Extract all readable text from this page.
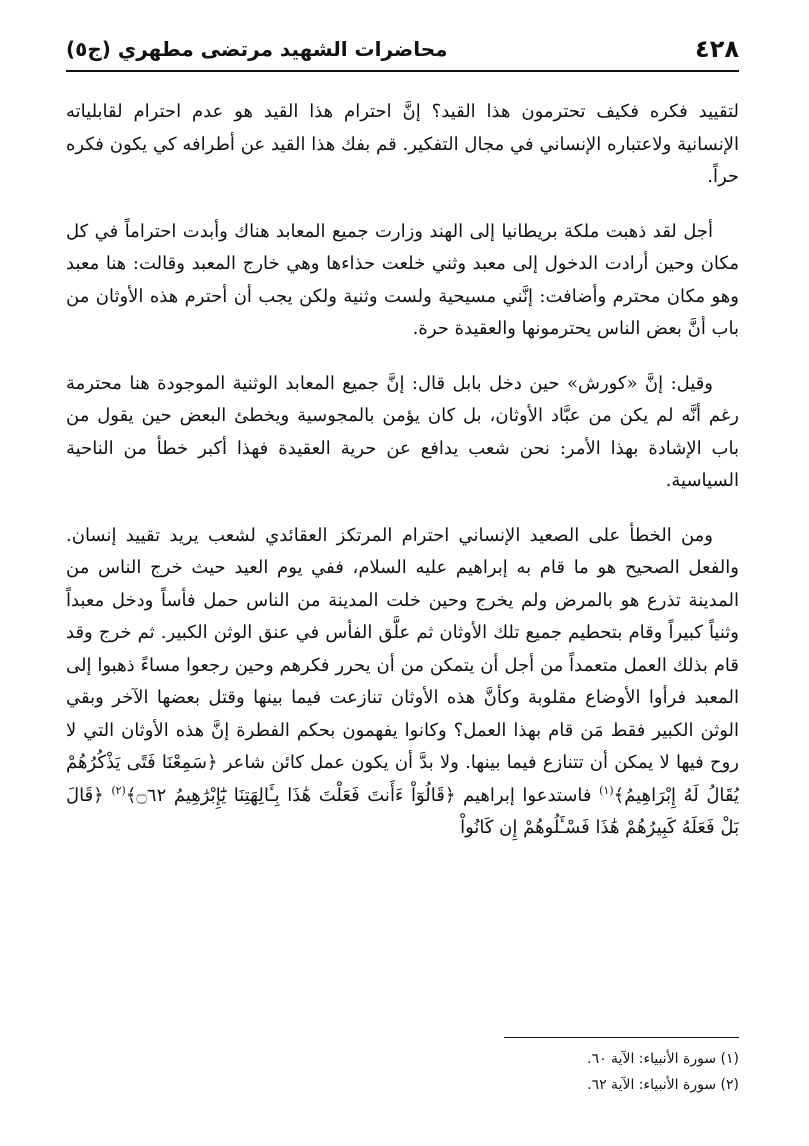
٤٢٨
محاضرات الشهيد مرتضى مطهري (ج٥)

لتقييد فكره فكيف تحترمون هذا القيد؟ إنَّ احترام هذا القيد هو عدم احترام لقابلياته الإنسانية ولاعتباره الإنساني في مجال التفكير. قم بفك هذا القيد عن أطرافه كي يكون فكره حراً.

أجل لقد ذهبت ملكة بريطانيا إلى الهند وزارت جميع المعابد هناك وأبدت احتراماً في كل مكان وحين أرادت الدخول إلى معبد وثني خلعت حذاءها وهي خارج المعبد وقالت: هنا معبد وهو مكان محترم وأضافت: إنَّني مسيحية ولست وثنية ولكن يجب أن أحترم هذه الأوثان من باب أنَّ بعض الناس يحترمونها والعقيدة حرة.

وقيل: إنَّ «كورش» حين دخل بابل قال: إنَّ جميع المعابد الوثنية الموجودة هنا محترمة رغم أنَّه لم يكن من عبَّاد الأوثان، بل كان يؤمن بالمجوسية ويخطئ البعض حين يقول من باب الإشادة بهذا الأمر: نحن شعب يدافع عن حرية العقيدة فهذا أكبر خطأ من الناحية السياسية.

ومن الخطأ على الصعيد الإنساني احترام المرتكز العقائدي لشعب يريد تقييد إنسان. والفعل الصحيح هو ما قام به إبراهيم عليه السلام، ففي يوم العيد حيث خرج الناس من المدينة تذرع هو بالمرض ولم يخرج وحين خلت المدينة من الناس حمل فأساً ودخل معبداً وثنياً كبيراً وقام بتحطيم جميع تلك الأوثان ثم علَّق الفأس في عنق الوثن الكبير. ثم خرج وقد قام بذلك العمل متعمداً من أجل أن يتمكن من أن يحرر فكرهم وحين رجعوا مساءً ذهبوا إلى المعبد فرأوا الأوضاع مقلوبة وكأنَّ هذه الأوثان تنازعت فيما بينها وقتل بعضها الآخر وبقي الوثن الكبير فقط مَن قام بهذا العمل؟ وكانوا يفهمون بحكم الفطرة إنَّ هذه الأوثان التي لا روح فيها لا يمكن أن تتنازع فيما بينها. ولا بدَّ أن يكون عمل كائن شاعر ﴿سَمِعْنَا فَتًى يَذْكُرُهُمْ يُقَالُ لَهُ إِبْرَاهِيمُ﴾$^{(١)}$ فاستدعوا إبراهيم ﴿قَالُوٓاْ ءَأَنتَ فَعَلْتَ هَٰذَا بِـَٔالِهَتِنَا يَٰٓإِبْرَٰهِيمُ ۝٦٢﴾$^{(٢)}$ ﴿قَالَ بَلْ فَعَلَهُ كَبِيرُهُمْ هَٰذَا فَسْـَٔلُوهُمْ إِن كَانُواْ

(١) سورة الأنبياء: الآية ٦٠.
(٢) سورة الأنبياء: الآية ٦٢.
